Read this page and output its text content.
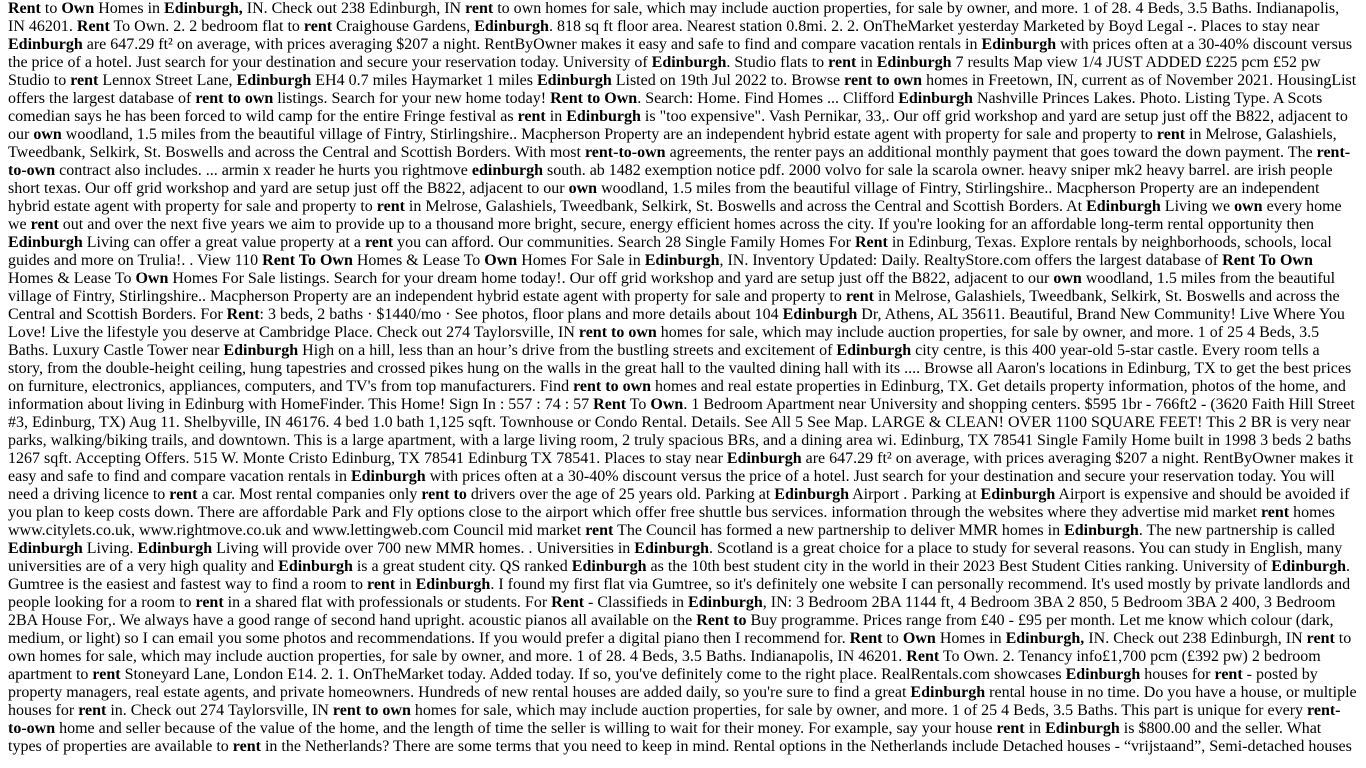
Rent to Own Homes in Edinburgh, IN. Check out 238 Edinburgh, IN rent to own homes for sale, which may include auction properties, for sale by owner, and more. 1 of 28. 4 Beds, 3.5 Baths. Indianapolis, IN 46201. Rent To Own. 2. 2 bedroom flat to rent Craighouse Gardens, Edinburgh. 818 sq ft floor area. Nearest station 0.8mi. 2. 2. OnTheMarket yesterday Marketed by Boyd Legal -. Places to stay near Edinburgh are 647.29 ft² on average, with prices averaging $207 a night. RentByOwner makes it easy and safe to find and compare vacation rentals in Edinburgh with prices often at a 30-40% discount versus the price of a hotel. Just search for your destination and secure your reservation today. University of Edinburgh. Studio flats to rent in Edinburgh 7 results Map view 1/4 JUST ADDED £225 pcm £52 pw Studio to rent Lennox Street Lane, Edinburgh EH4 0.7 miles Haymarket 1 miles Edinburgh Listed on 19th Jul 2022 to. Browse rent to own homes in Freetown, IN, current as of November 2021. HousingList offers the largest database of rent to own listings. Search for your new home today! Rent to Own. Search: Home. Find Homes ... Clifford Edinburgh Nashville Princes Lakes. Photo. Listing Type. A Scots comedian says he has been forced to wild camp for the entire Fringe festival as rent in Edinburgh is "too expensive". Vash Pernikar, 33,. Our off grid workshop and yard are setup just off the B822, adjacent to our own woodland, 1.5 miles from the beautiful village of Fintry, Stirlingshire.. Macpherson Property are an independent hybrid estate agent with property for sale and property to rent in Melrose, Galashiels, Tweedbank, Selkirk, St. Boswells and across the Central and Scottish Borders. With most rent-to-own agreements, the renter pays an additional monthly payment that goes toward the down payment. The rent-to-own contract also includes. ... armin x reader he hurts you rightmove edinburgh south. ab 1482 exemption notice pdf. 2000 volvo for sale la scarola owner. heavy sniper mk2 heavy barrel. are irish people short texas. Our off grid workshop and yard are setup just off the B822, adjacent to our own woodland, 1.5 miles from the beautiful village of Fintry, Stirlingshire.. Macpherson Property are an independent hybrid estate agent with property for sale and property to rent in Melrose, Galashiels, Tweedbank, Selkirk, St. Boswells and across the Central and Scottish Borders. At Edinburgh Living we own every home we rent out and over the next five years we aim to provide up to a thousand more bright, secure, energy efficient homes across the city. If you're looking for an affordable long-term rental opportunity then Edinburgh Living can offer a great value property at a rent you can afford. Our communities. Search 28 Single Family Homes For Rent in Edinburg, Texas. Explore rentals by neighborhoods, schools, local guides and more on Trulia!. . View 110 Rent To Own Homes & Lease To Own Homes For Sale in Edinburgh, IN. Inventory Updated: Daily. RealtyStore.com offers the largest database of Rent To Own Homes & Lease To Own Homes For Sale listings. Search for your dream home today!. Our off grid workshop and yard are setup just off the B822, adjacent to our own woodland, 1.5 miles from the beautiful village of Fintry, Stirlingshire.. Macpherson Property are an independent hybrid estate agent with property for sale and property to rent in Melrose, Galashiels, Tweedbank, Selkirk, St. Boswells and across the Central and Scottish Borders. For Rent: 3 beds, 2 baths · $1440/mo · See photos, floor plans and more details about 104 Edinburgh Dr, Athens, AL 35611. Beautiful, Brand New Community! Live Where You Love! Live the lifestyle you deserve at Cambridge Place. Check out 274 Taylorsville, IN rent to own homes for sale, which may include auction properties, for sale by owner, and more. 1 of 25 4 Beds, 3.5 Baths. Luxury Castle Tower near Edinburgh High on a hill, less than an hour’s drive from the bustling streets and excitement of Edinburgh city centre, is this 400 year-old 5-star castle. Every room tells a story, from the double-height ceiling, hung tapestries and crossed pikes hung on the walls in the great hall to the vaulted dining hall with its .... Browse all Aaron's locations in Edinburg, TX to get the best prices on furniture, electronics, appliances, computers, and TV's from top manufacturers. Find rent to own homes and real estate properties in Edinburg, TX. Get details property information, photos of the home, and information about living in Edinburg with HomeFinder. This Home! Sign In : 557 : 74 : 57 Rent To Own. 1 Bedroom Apartment near University and shopping centers. $595 1br - 766ft2 - (3620 Faith Hill Street #3, Edinburg, TX) Aug 11. Shelbyville, IN 46176. 4 bed 1.0 bath 1,125 sqft. Townhouse or Condo Rental. Details. See All 5 See Map. LARGE & CLEAN! OVER 1100 SQUARE FEET! This 2 BR is very near parks, walking/biking trails, and downtown. This is a large apartment, with a large living room, 2 truly spacious BRs, and a dining area wi. Edinburg, TX 78541 Single Family Home built in 1998 3 beds 2 baths 1267 sqft. Accepting Offers. 515 W. Monte Cristo Edinburg, TX 78541 Edinburg TX 78541. Places to stay near Edinburgh are 647.29 ft² on average, with prices averaging $207 a night. RentByOwner makes it easy and safe to find and compare vacation rentals in Edinburgh with prices often at a 30-40% discount versus the price of a hotel. Just search for your destination and secure your reservation today. You will need a driving licence to rent a car. Most rental companies only rent to drivers over the age of 25 years old. Parking at Edinburgh Airport . Parking at Edinburgh Airport is expensive and should be avoided if you plan to keep costs down. There are affordable Park and Fly options close to the airport which offer free shuttle bus services. information through the websites where they advertise mid market rent homes www.citylets.co.uk, www.rightmove.co.uk and www.lettingweb.com Council mid market rent The Council has formed a new partnership to deliver MMR homes in Edinburgh. The new partnership is called Edinburgh Living. Edinburgh Living will provide over 700 new MMR homes. . Universities in Edinburgh. Scotland is a great choice for a place to study for several reasons. You can study in English, many universities are of a very high quality and Edinburgh is a great student city. QS ranked Edinburgh as the 10th best student city in the world in their 2023 Best Student Cities ranking. University of Edinburgh. Gumtree is the easiest and fastest way to find a room to rent in Edinburgh. I found my first flat via Gumtree, so it's definitely one website I can personally recommend. It's used mostly by private landlords and people looking for a room to rent in a shared flat with professionals or students. For Rent - Classifieds in Edinburgh, IN: 3 Bedroom 2BA 1144 ft, 4 Bedroom 3BA 2 850, 5 Bedroom 3BA 2 400, 3 Bedroom 2BA House For,. We always have a good range of second hand upright. acoustic pianos all available on the Rent to Buy programme. Prices range from £40 - £95 per month. Let me know which colour (dark, medium, or light) so I can email you some photos and recommendations. If you would prefer a digital piano then I recommend for. Rent to Own Homes in Edinburgh, IN. Check out 238 Edinburgh, IN rent to own homes for sale, which may include auction properties, for sale by owner, and more. 1 of 28. 4 Beds, 3.5 Baths. Indianapolis, IN 46201. Rent To Own. 2. Tenancy info£1,700 pcm (£392 pw) 2 bedroom apartment to rent Stoneyard Lane, London E14. 2. 1. OnTheMarket today. Added today. If so, you've definitely come to the right place. RealRentals.com showcases Edinburgh houses for rent - posted by property managers, real estate agents, and private homeowners. Hundreds of new rental houses are added daily, so you're sure to find a great Edinburgh rental house in no time. Do you have a house, or multiple houses for rent in. Check out 274 Taylorsville, IN rent to own homes for sale, which may include auction properties, for sale by owner, and more. 1 of 25 4 Beds, 3.5 Baths. This part is unique for every rent-to-own home and seller because of the value of the home, and the length of time the seller is willing to wait for their money. For example, say your house rent in Edinburgh is $800.00 and the seller. What types of properties are available to rent in the Netherlands? There are some terms that you need to keep in mind. Rental options in the Netherlands include Detached houses - “vrijstaand”, Semi-detached houses
